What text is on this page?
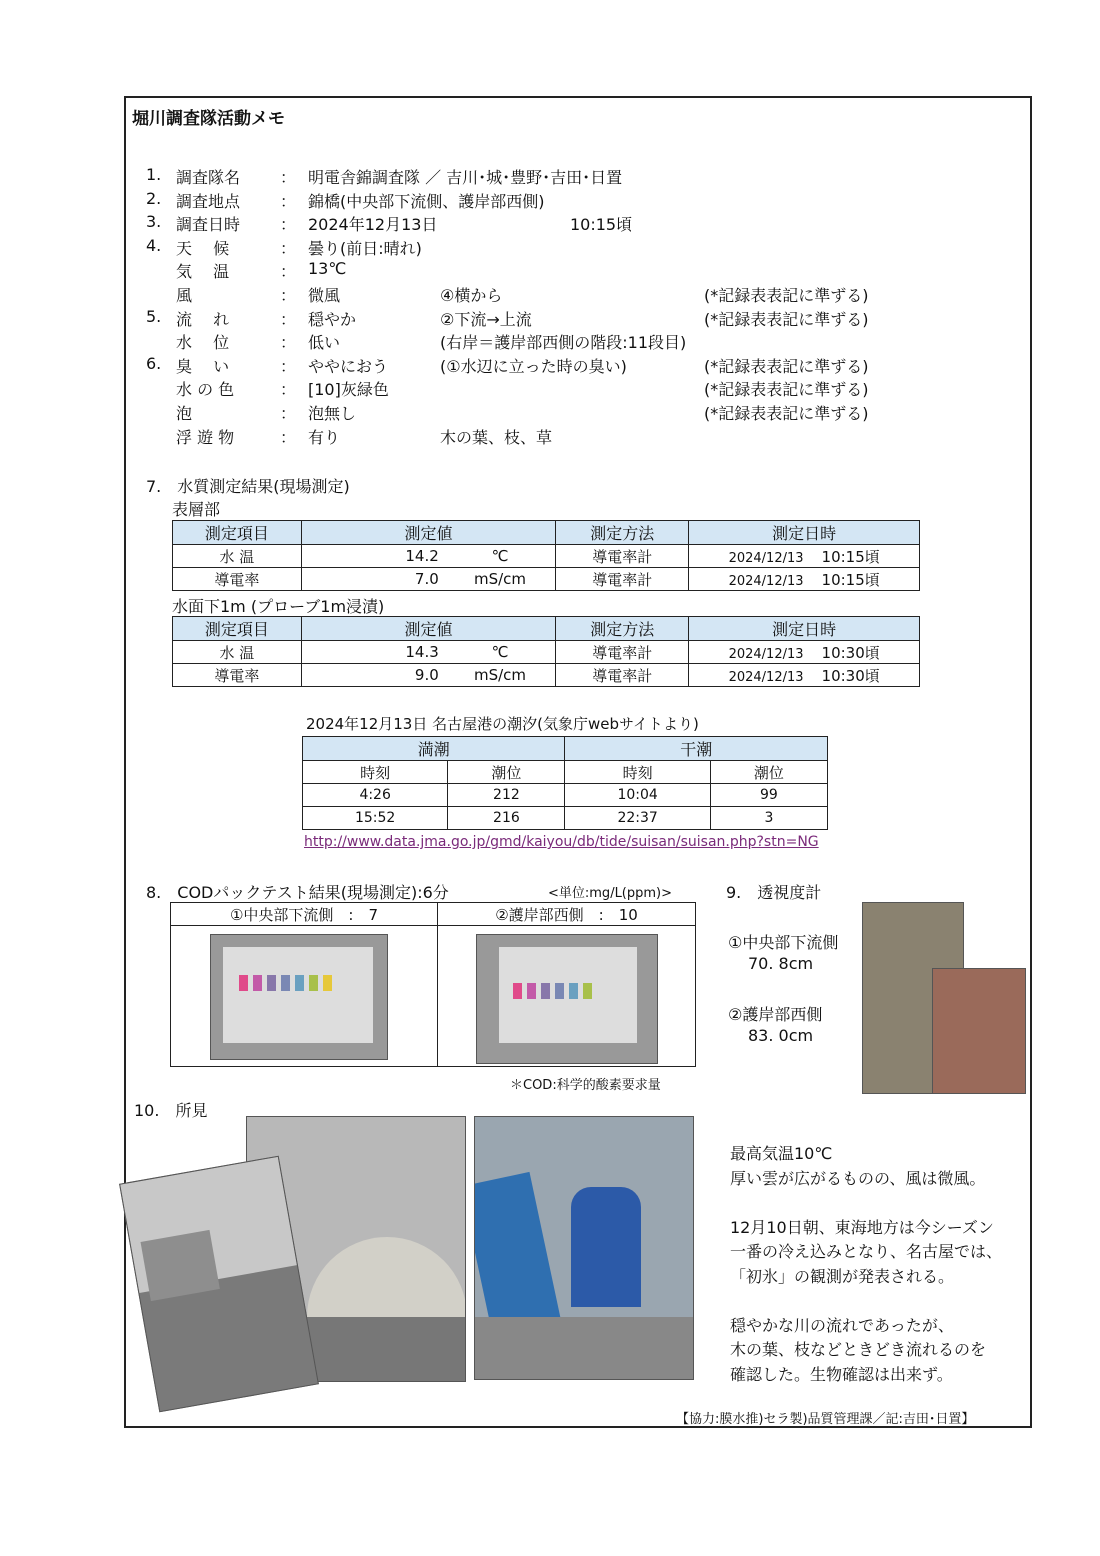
堀川調査隊活動メモ
1. 調査隊名	： 明電舎錦調査隊 ／ 吉川･城･豊野･吉田･日置
2. 調査地点	： 錦橋(中央部下流側、護岸部西側)
3. 調査日時	： 2024年12月13日	10:15頃
4. 天　 候	： 曇り(前日:晴れ)
気　 温	： 13℃
風	： 微風	④横から	(*記録表表記に準ずる)
5. 流　 れ	： 穏やか	②下流→上流	(*記録表表記に準ずる)
水　 位	： 低い	(右岸＝護岸部西側の階段:11段目)
6. 臭　 い	： ややにおう	(①水辺に立った時の臭い)	(*記録表表記に準ずる)
水 の 色	： [10]灰緑色	(*記録表表記に準ずる)
泡	： 泡無し	(*記録表表記に準ずる)
浮 遊 物	： 有り	木の葉、枝、草
7.　水質測定結果(現場測定)
表層部
測定項目	測定値		測定方法	測定日時
水 温	14.2	℃	導電率計	2024/12/13 10:15頃
導電率	7.0	mS/cm	導電率計	2024/12/13 10:15頃
水面下1m (プローブ1m浸漬)
測定項目	測定値		測定方法	測定日時
水 温	14.3	℃	導電率計	2024/12/13 10:30頃
導電率	9.0	mS/cm	導電率計	2024/12/13 10:30頃
2024年12月13日 名古屋港の潮汐(気象庁webサイトより)
満潮		干潮	
時刻	潮位	時刻	潮位
4:26	212	10:04	99
15:52	216	22:37	3
http://www.data.jma.go.jp/gmd/kaiyou/db/tide/suisan/suisan.php?stn=NG
8.　CODパックテスト結果(現場測定):6分	<単位:mg/L(ppm)>
①中央部下流側　:　7	②護岸部西側　:　10

＊COD:科学的酸素要求量
9.　透視度計
①中央部下流側
70. 8cm
②護岸部西側
83. 0cm
10.　所見
最高気温10℃
厚い雲が広がるものの、風は微風。

12月10日朝、東海地方は今シーズン
一番の冷え込みとなり、名古屋では、
「初氷」の観測が発表される。

穏やかな川の流れであったが、
木の葉、枝などときどき流れるのを
確認した。生物確認は出来ず。
【協力:膜水推)セラ製)品質管理課／記:吉田･日置】
